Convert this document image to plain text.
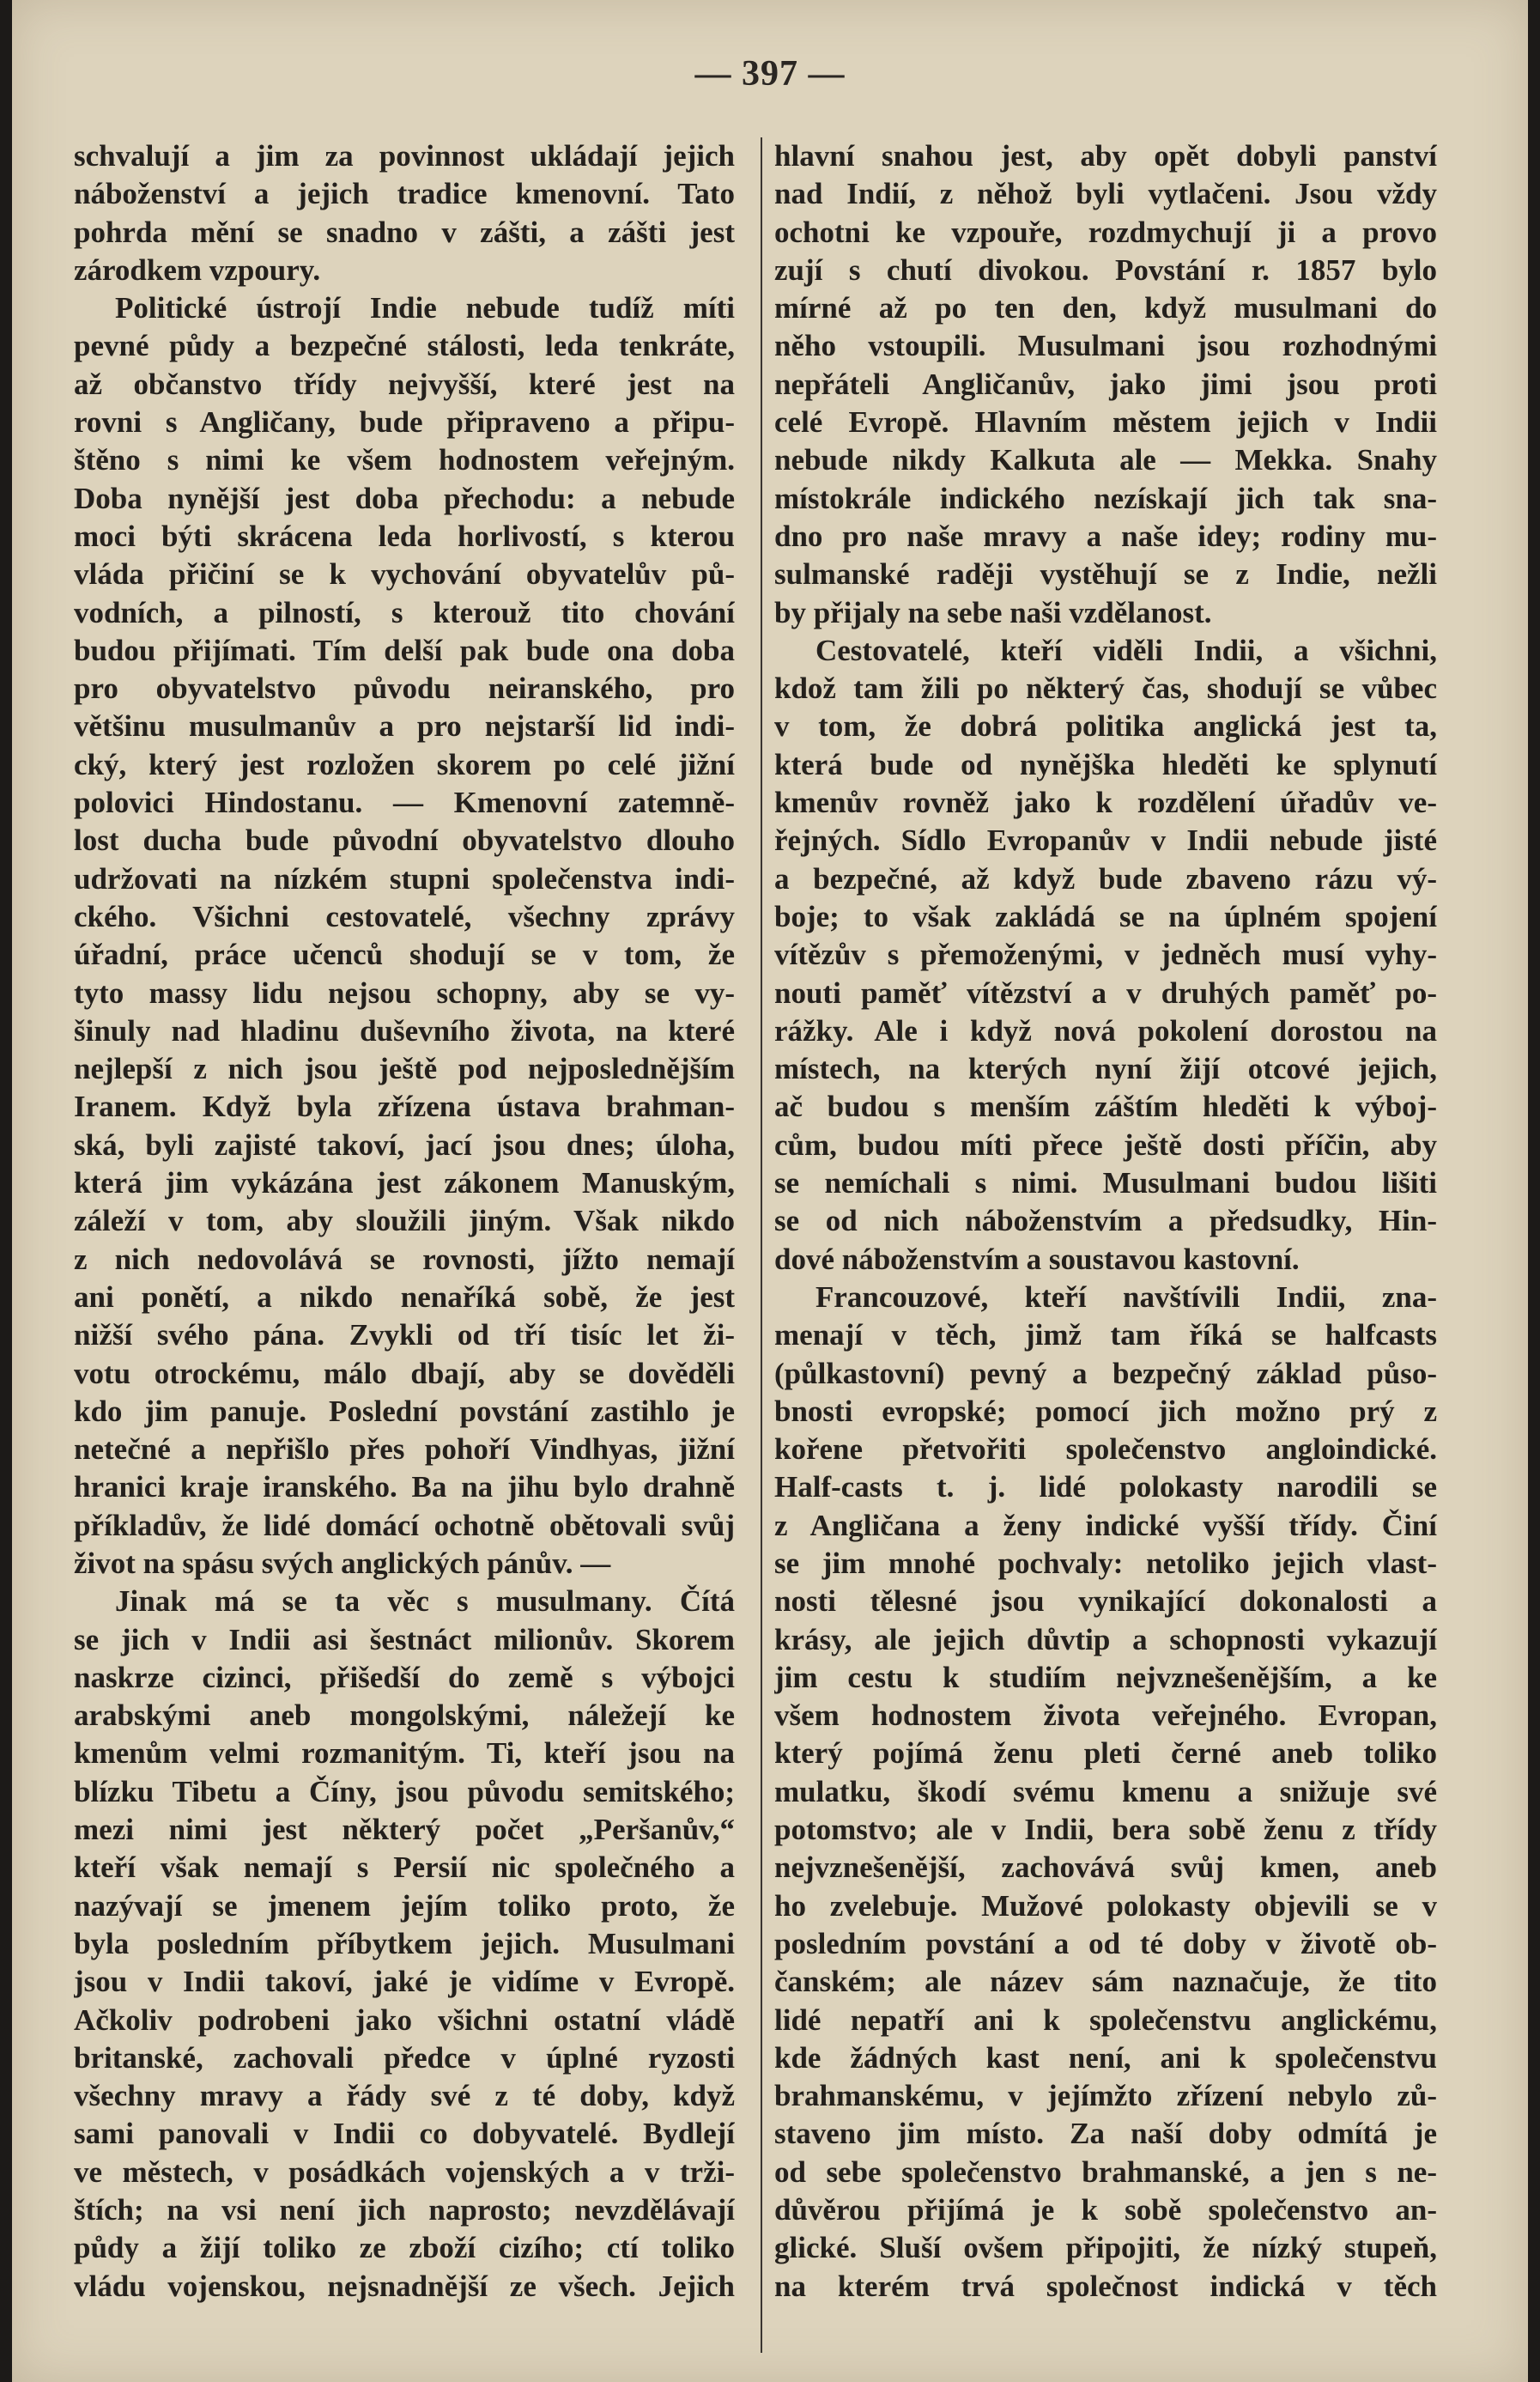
— 397 —
schvalují a jim za povinnost ukládají jejich
náboženství a jejich tradice kmenovní. Tato
pohrda mění se snadno v zášti, a zášti jest
zárodkem vzpoury.
Politické ústrojí Indie nebude tudíž míti
pevné půdy a bezpečné stálosti, leda tenkráte,
až občanstvo třídy nejvyšší, které jest na
rovni s Angličany, bude připraveno a připu-
štěno s nimi ke všem hodnostem veřejným.
Doba nynější jest doba přechodu: a nebude
moci býti skrácena leda horlivostí, s kterou
vláda přičiní se k vychování obyvatelův pů-
vodních, a pilností, s kterouž tito chování
budou přijímati. Tím delší pak bude ona doba
pro obyvatelstvo původu neiranského, pro
většinu musulmanův a pro nejstarší lid indi-
cký, který jest rozložen skorem po celé jižní
polovici Hindostanu. — Kmenovní zatemně-
lost ducha bude původní obyvatelstvo dlouho
udržovati na nízkém stupni společenstva indi-
ckého. Všichni cestovatelé, všechny zprávy
úřadní, práce učenců shodují se v tom, že
tyto massy lidu nejsou schopny, aby se vy-
šinuly nad hladinu duševního života, na které
nejlepší z nich jsou ještě pod nejposlednějším
Iranem. Když byla zřízena ústava brahman-
ská, byli zajisté takoví, jací jsou dnes; úloha,
která jim vykázána jest zákonem Manuským,
záleží v tom, aby sloužili jiným. Však nikdo
z nich nedovolává se rovnosti, jížto nemají
ani ponětí, a nikdo nenaříká sobě, že jest
nižší svého pána. Zvykli od tří tisíc let ži-
votu otrockému, málo dbají, aby se dověděli
kdo jim panuje. Poslední povstání zastihlo je
netečné a nepřišlo přes pohoří Vindhyas, jižní
hranici kraje iranského. Ba na jihu bylo drahně
příkladův, že lidé domácí ochotně obětovali svůj
život na spásu svých anglických pánův. —
Jinak má se ta věc s musulmany. Čítá
se jich v Indii asi šestnáct milionův. Skorem
naskrze cizinci, přišedší do země s výbojci
arabskými aneb mongolskými, náležejí ke
kmenům velmi rozmanitým. Ti, kteří jsou na
blízku Tibetu a Číny, jsou původu semitského;
mezi nimi jest některý počet „Peršanův,“
kteří však nemají s Persií nic společného a
nazývají se jmenem jejím toliko proto, že
byla posledním příbytkem jejich. Musulmani
jsou v Indii takoví, jaké je vidíme v Evropě.
Ačkoliv podrobeni jako všichni ostatní vládě
britanské, zachovali předce v úplné ryzosti
všechny mravy a řády své z té doby, když
sami panovali v Indii co dobyvatelé. Bydlejí
ve městech, v posádkách vojenských a v trži-
štích; na vsi není jich naprosto; nevzdělávají
půdy a žijí toliko ze zboží cizího; ctí toliko
vládu vojenskou, nejsnadnější ze všech. Jejich
hlavní snahou jest, aby opět dobyli panství
nad Indií, z něhož byli vytlačeni. Jsou vždy
ochotni ke vzpouře, rozdmychují ji a provo
zují s chutí divokou. Povstání r. 1857 bylo
mírné až po ten den, když musulmani do
něho vstoupili. Musulmani jsou rozhodnými
nepřáteli Angličanův, jako jimi jsou proti
celé Evropě. Hlavním městem jejich v Indii
nebude nikdy Kalkuta ale — Mekka. Snahy
místokrále indického nezískají jich tak sna-
dno pro naše mravy a naše idey; rodiny mu-
sulmanské raději vystěhují se z Indie, nežli
by přijaly na sebe naši vzdělanost.
Cestovatelé, kteří viděli Indii, a všichni,
kdož tam žili po některý čas, shodují se vůbec
v tom, že dobrá politika anglická jest ta,
která bude od nynějška hleděti ke splynutí
kmenův rovněž jako k rozdělení úřadův ve-
řejných. Sídlo Evropanův v Indii nebude jisté
a bezpečné, až když bude zbaveno rázu vý-
boje; to však zakládá se na úplném spojení
vítězův s přemoženými, v jedněch musí vyhy-
nouti paměť vítězství a v druhých paměť po-
rážky. Ale i když nová pokolení dorostou na
místech, na kterých nyní žijí otcové jejich,
ač budou s menším záštím hleděti k výboj-
cům, budou míti přece ještě dosti příčin, aby
se nemíchali s nimi. Musulmani budou lišiti
se od nich náboženstvím a předsudky, Hin-
dové náboženstvím a soustavou kastovní.
Francouzové, kteří navštívili Indii, zna-
menají v těch, jimž tam říká se halfcasts
(půlkastovní) pevný a bezpečný základ půso-
bnosti evropské; pomocí jich možno prý z
kořene přetvořiti společenstvo angloindické.
Half-casts t. j. lidé polokasty narodili se
z Angličana a ženy indické vyšší třídy. Činí
se jim mnohé pochvaly: netoliko jejich vlast-
nosti tělesné jsou vynikající dokonalosti a
krásy, ale jejich důvtip a schopnosti vykazují
jim cestu k studiím nejvznešenějším, a ke
všem hodnostem života veřejného. Evropan,
který pojímá ženu pleti černé aneb toliko
mulatku, škodí svému kmenu a snižuje své
potomstvo; ale v Indii, bera sobě ženu z třídy
nejvznešenější, zachovává svůj kmen, aneb
ho zvelebuje. Mužové polokasty objevili se v
posledním povstání a od té doby v životě ob-
čanském; ale název sám naznačuje, že tito
lidé nepatří ani k společenstvu anglickému,
kde žádných kast není, ani k společenstvu
brahmanskému, v jejímžto zřízení nebylo zů-
staveno jim místo. Za naší doby odmítá je
od sebe společenstvo brahmanské, a jen s ne-
důvěrou přijímá je k sobě společenstvo an-
glické. Sluší ovšem připojiti, že nízký stupeň,
na kterém trvá společnost indická v těch
